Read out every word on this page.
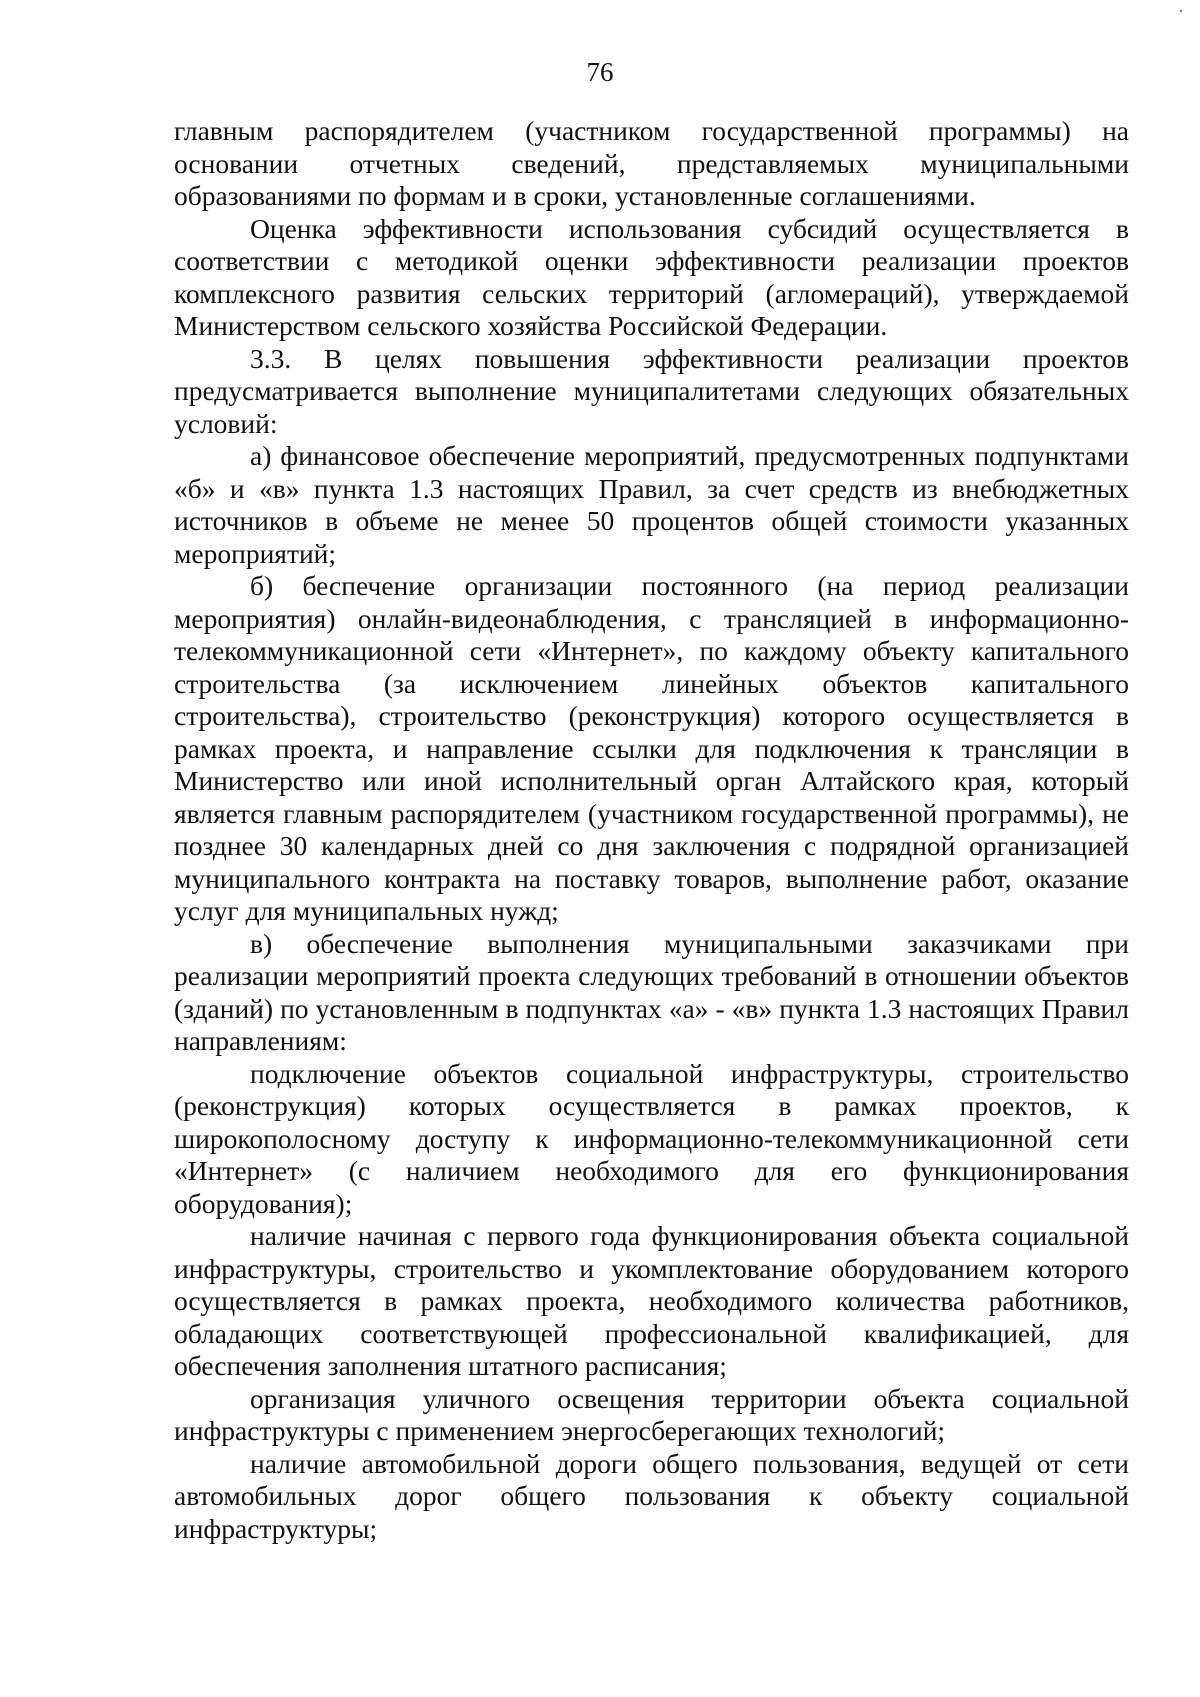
76

главным распорядителем (участником государственной программы) на основании отчетных сведений, представляемых муниципальными образованиями по формам и в сроки, установленные соглашениями.

Оценка эффективности использования субсидий осуществляется в соответствии с методикой оценки эффективности реализации проектов комплексного развития сельских территорий (агломераций), утверждаемой Министерством сельского хозяйства Российской Федерации.

3.3. В целях повышения эффективности реализации проектов предусматривается выполнение муниципалитетами следующих обязательных условий:

а) финансовое обеспечение мероприятий, предусмотренных подпунктами «б» и «в» пункта 1.3 настоящих Правил, за счет средств из внебюджетных источников в объеме не менее 50 процентов общей стоимости указанных мероприятий;

б) беспечение организации постоянного (на период реализации мероприятия) онлайн-видеонаблюдения, с трансляцией в информационно-телекоммуникационной сети «Интернет», по каждому объекту капитального строительства (за исключением линейных объектов капитального строительства), строительство (реконструкция) которого осуществляется в рамках проекта, и направление ссылки для подключения к трансляции в Министерство или иной исполнительный орган Алтайского края, который является главным распорядителем (участником государственной программы), не позднее 30 календарных дней со дня заключения с подрядной организацией муниципального контракта на поставку товаров, выполнение работ, оказание услуг для муниципальных нужд;

в) обеспечение выполнения муниципальными заказчиками при реализации мероприятий проекта следующих требований в отношении объектов (зданий) по установленным в подпунктах «а» - «в» пункта 1.3 настоящих Правил направлениям:

подключение объектов социальной инфраструктуры, строительство (реконструкция) которых осуществляется в рамках проектов, к широкополосному доступу к информационно-телекоммуникационной сети «Интернет» (с наличием необходимого для его функционирования оборудования);

наличие начиная с первого года функционирования объекта социальной инфраструктуры, строительство и укомплектование оборудованием которого осуществляется в рамках проекта, необходимого количества работников, обладающих соответствующей профессиональной квалификацией, для обеспечения заполнения штатного расписания;

организация уличного освещения территории объекта социальной инфраструктуры с применением энергосберегающих технологий;

наличие автомобильной дороги общего пользования, ведущей от сети автомобильных дорог общего пользования к объекту социальной инфраструктуры;
